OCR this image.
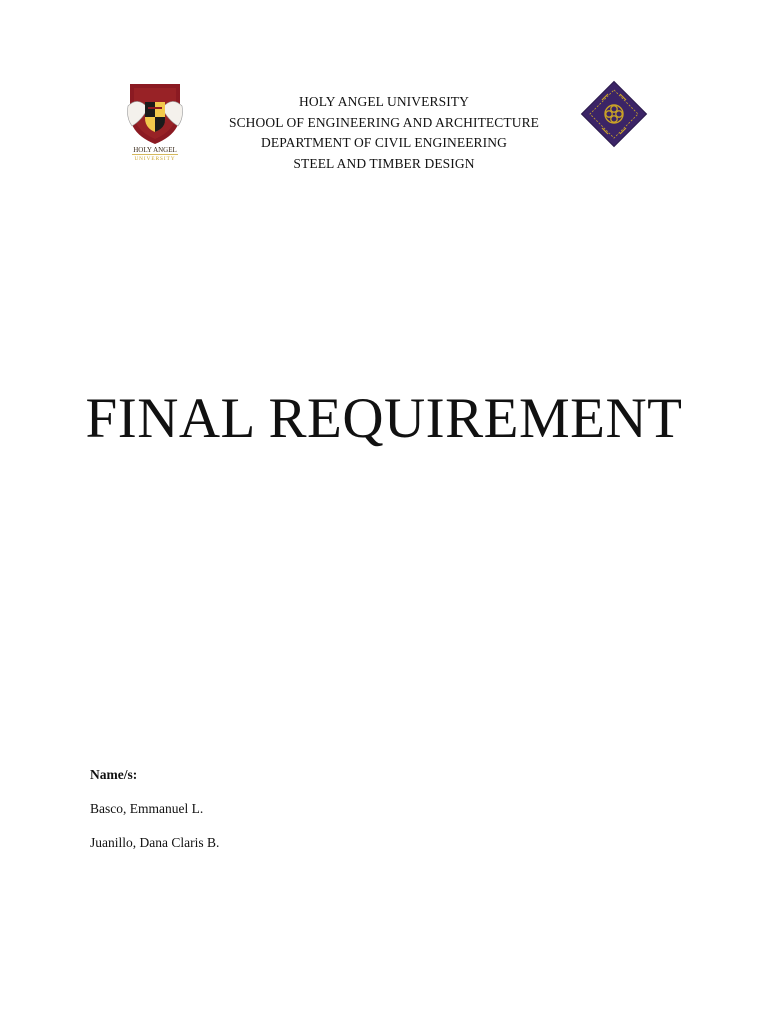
HOLY ANGEL
UNIVERSITY
HOLY ANGEL UNIVERSITY
SCHOOL OF ENGINEERING AND ARCHITECTURE
DEPARTMENT OF CIVIL ENGINEERING
STEEL AND TIMBER DESIGN
FINAL REQUIREMENT
Name/s:
Basco, Emmanuel L.
Juanillo, Dana Claris B.
